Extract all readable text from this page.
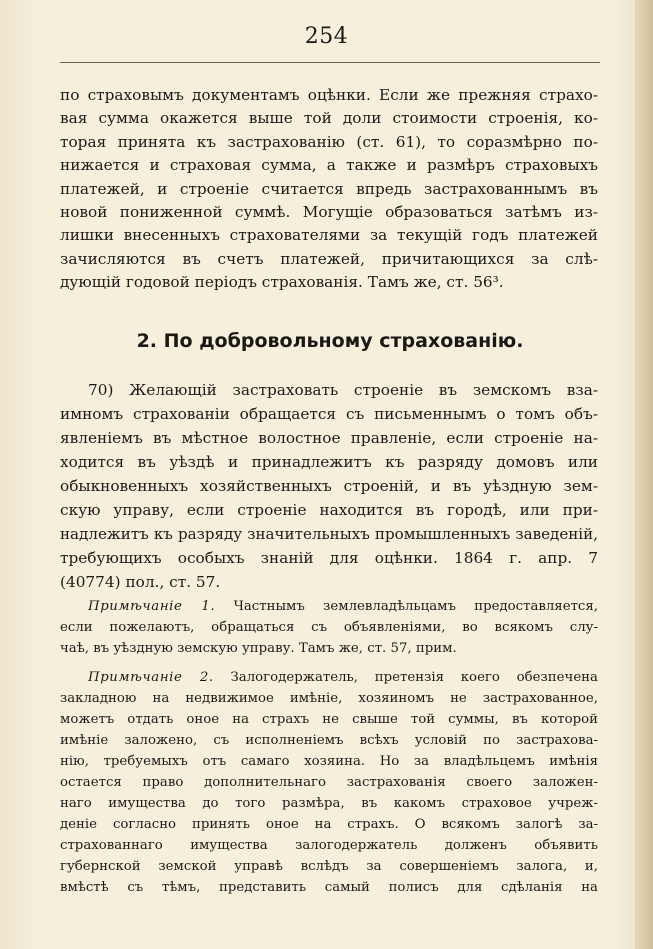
254
по страховымъ документамъ оцѣнки. Если же прежняя страхо-
вая сумма окажется выше той доли стоимости строенія, ко-
торая принята къ застрахованію (ст. 61), то соразмѣрно по-
нижается и страховая сумма, а также и размѣръ страховыхъ
платежей, и строеніе считается впредь застрахованнымъ въ
новой пониженной суммѣ. Могущіе образоваться затѣмъ из-
лишки внесенныхъ страхователями за текущій годъ платежей
зачисляются въ счетъ платежей, причитающихся за слѣ-
дующій годовой періодъ страхованія. Тамъ же, ст. 56³.
2. По добровольному страхованію.
70) Желающій застраховать строеніе въ земскомъ вза-
имномъ страхованіи обращается съ письменнымъ о томъ объ-
явленіемъ въ мѣстное волостное правленіе, если строеніе на-
ходится въ уѣздѣ и принадлежитъ къ разряду домовъ или
обыкновенныхъ хозяйственныхъ строеній, и въ уѣздную зем-
скую управу, если строеніе находится въ городѣ, или при-
надлежитъ къ разряду значительныхъ промышленныхъ заведеній,
требующихъ особыхъ знаній для оцѣнки. 1864 г. апр. 7
(40774) пол., ст. 57.
Примѣчаніе 1. Частнымъ землевладѣльцамъ предоставляется,
если пожелаютъ, обращаться съ объявленіями, во всякомъ слу-
чаѣ, въ уѣздную земскую управу. Тамъ же, ст. 57, прим.
Примѣчаніе 2. Залогодержатель, претензія коего обезпечена
закладною на недвижимое имѣніе, хозяиномъ не застрахованное,
можетъ отдать оное на страхъ не свыше той суммы, въ которой
имѣніе заложено, съ исполненіемъ всѣхъ условій по застрахова-
нію, требуемыхъ отъ самаго хозяина. Но за владѣльцемъ имѣнія
остается право дополнительнаго застрахованія своего заложен-
наго имущества до того размѣра, въ какомъ страховое учреж-
деніе согласно принять оное на страхъ. О всякомъ залогѣ за-
страхованнаго имущества залогодержатель долженъ объявить
губернской земской управѣ вслѣдъ за совершеніемъ залога, и,
вмѣстѣ съ тѣмъ, представить самый полисъ для сдѣланія на
